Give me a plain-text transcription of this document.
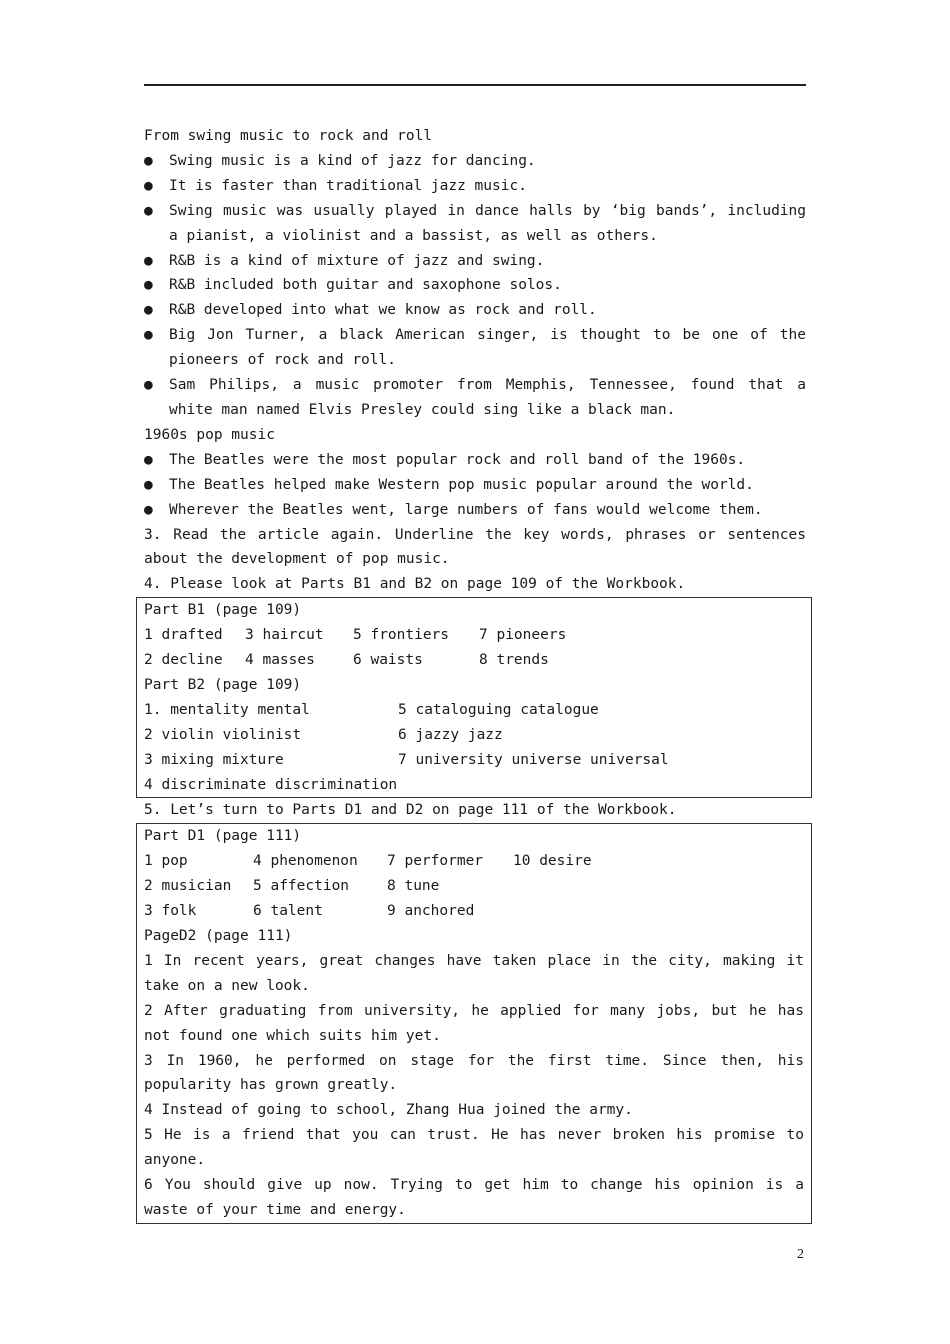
From swing music to rock and roll
●	Swing music is a kind of jazz for dancing.
●	It is faster than traditional jazz music.
●	Swing music was usually played in dance halls by ‘big bands’, including a pianist, a violinist and a bassist, as well as others.
●	R&B is a kind of mixture of jazz and swing.
●	R&B included both guitar and saxophone solos.
●	R&B developed into what we know as rock and roll.
●	Big Jon Turner, a black American singer, is thought to be one of the pioneers of rock and roll.
●	Sam Philips, a music promoter from Memphis, Tennessee, found that a white man named Elvis Presley could sing like a black man.
1960s pop music
●	The Beatles were the most popular rock and roll band of the 1960s.
●	The Beatles helped make Western pop music popular around the world.
●	Wherever the Beatles went, large numbers of fans would welcome them.
3. Read the article again. Underline the key words, phrases or sentences about the development of pop music.
4. Please look at Parts B1 and B2 on page 109 of the Workbook.
Part B1 (page 109)
1 drafted	3 haircut	5 frontiers	7 pioneers
2 decline	4 masses	6 waists	8 trends
Part B2 (page 109)
1. mentality mental	5 cataloguing catalogue
2 violin violinist	6 jazzy jazz
3 mixing mixture	7 university universe universal
4 discriminate discrimination
5. Let’s turn to Parts D1 and D2 on page 111 of the Workbook.
Part D1 (page 111)
1 pop	4 phenomenon	7 performer	10 desire
2 musician	5 affection	8 tune
3 folk	6 talent	9 anchored
PageD2 (page 111)
1 In recent years, great changes have taken place in the city, making it take on a new look.
2 After graduating from university, he applied for many jobs, but he has not found one which suits him yet.
3 In 1960, he performed on stage for the first time. Since then, his popularity has grown greatly.
4 Instead of going to school, Zhang Hua joined the army.
5 He is a friend that you can trust. He has never broken his promise to anyone.
6 You should give up now. Trying to get him to change his opinion is a waste of your time and energy.
2
